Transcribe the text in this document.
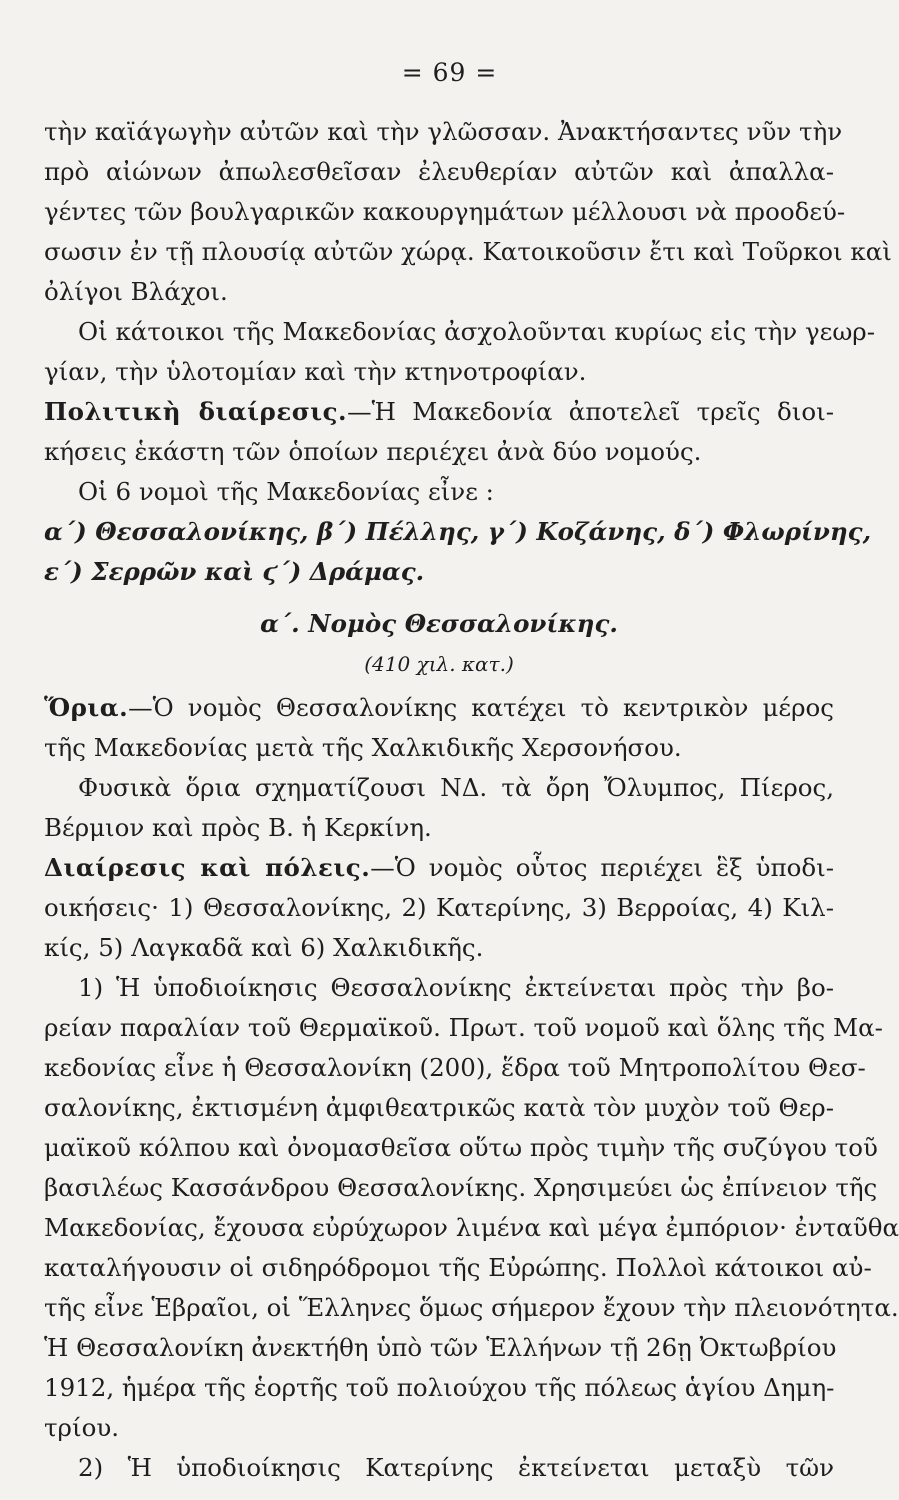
= 69 =

τὴν καϊάγωγὴν αὐτῶν καὶ τὴν γλῶσσαν. Ἀνακτήσαντες νῦν τὴν
πρὸ αἰώνων ἀπωλεσθεῖσαν ἐλευθερίαν αὐτῶν καὶ ἀπαλλα-
γέντες τῶν βουλγαρικῶν κακουργημάτων μέλλουσι νὰ προοδεύ-
σωσιν ἐν τῇ πλουσίᾳ αὐτῶν χώρᾳ. Κατοικοῦσιν ἔτι καὶ Τοῦρκοι καὶ
ὀλίγοι Βλάχοι.

Οἱ κάτοικοι τῆς Μακεδονίας ἀσχολοῦνται κυρίως εἰς τὴν γεωρ-
γίαν, τὴν ὑλοτομίαν καὶ τὴν κτηνοτροφίαν.

Πολιτικὴ διαίρεσις.—Ἡ Μακεδονία ἀποτελεῖ τρεῖς διοι-
κήσεις ἑκάστη τῶν ὁποίων περιέχει ἀνὰ δύο νομούς.

Οἱ 6 νομοὶ τῆς Μακεδονίας εἶνε :

α΄) Θεσσαλονίκης, β΄) Πέλλης, γ΄) Κοζάνης, δ΄) Φλωρίνης,
ε΄) Σερρῶν καὶ ϛ΄) Δράμας.

α΄. Νομὸς Θεσσαλονίκης.

(410 χιλ. κατ.)

Ὅρια.—Ὁ νομὸς Θεσσαλονίκης κατέχει τὸ κεντρικὸν μέρος
τῆς Μακεδονίας μετὰ τῆς Χαλκιδικῆς Χερσονήσου.

Φυσικὰ ὅρια σχηματίζουσι ΝΔ. τὰ ὄρη Ὄλυμπος, Πίερος,
Βέρμιον καὶ πρὸς Β. ἡ Κερκίνη.

Διαίρεσις καὶ πόλεις.—Ὁ νομὸς οὗτος περιέχει ἓξ ὑποδι-
οικήσεις· 1) Θεσσαλονίκης, 2) Κατερίνης, 3) Βερροίας, 4) Κιλ-
κίς, 5) Λαγκαδᾶ καὶ 6) Χαλκιδικῆς.

1) Ἡ ὑποδιοίκησις Θεσσαλονίκης ἐκτείνεται πρὸς τὴν βο-
ρείαν παραλίαν τοῦ Θερμαϊκοῦ. Πρωτ. τοῦ νομοῦ καὶ ὅλης τῆς Μα-
κεδονίας εἶνε ἡ Θεσσαλονίκη (200), ἕδρα τοῦ Μητροπολίτου Θεσ-
σαλονίκης, ἐκτισμένη ἀμφιθεατρικῶς κατὰ τὸν μυχὸν τοῦ Θερ-
μαϊκοῦ κόλπου καὶ ὀνομασθεῖσα οὕτω πρὸς τιμὴν τῆς συζύγου τοῦ
βασιλέως Κασσάνδρου Θεσσαλονίκης. Χρησιμεύει ὡς ἐπίνειον τῆς
Μακεδονίας, ἔχουσα εὐρύχωρον λιμένα καὶ μέγα ἐμπόριον· ἐνταῦθα
καταλήγουσιν οἱ σιδηρόδρομοι τῆς Εὐρώπης. Πολλοὶ κάτοικοι αὐ-
τῆς εἶνε Ἑβραῖοι, οἱ Ἕλληνες ὅμως σήμερον ἔχουν τὴν πλειονότητα.
Ἡ Θεσσαλονίκη ἀνεκτήθη ὑπὸ τῶν Ἑλλήνων τῇ 26ῃ Ὀκτωβρίου
1912, ἡμέρα τῆς ἑορτῆς τοῦ πολιούχου τῆς πόλεως ἁγίου Δημη-
τρίου.

2) Ἡ ὑποδιοίκησις Κατερίνης ἐκτείνεται μεταξὺ τῶν
